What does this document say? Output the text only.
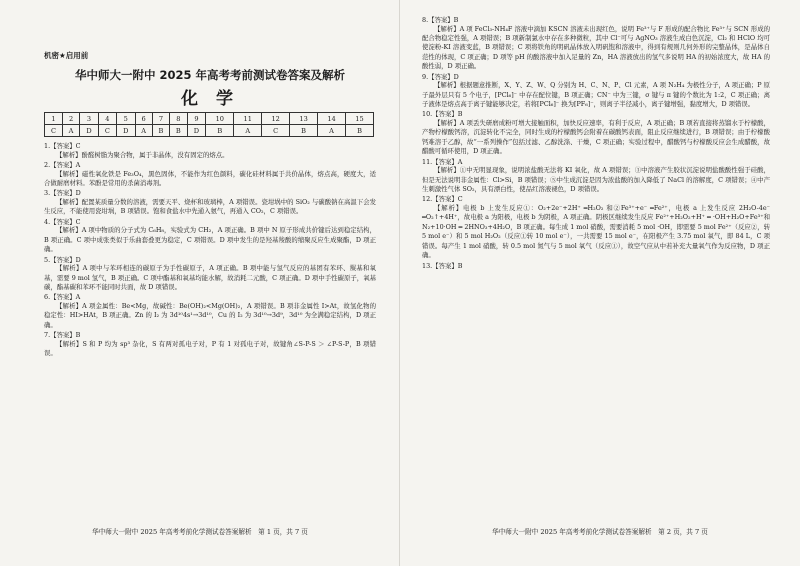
机密★启用前

华中师大一附中 2025 年高考考前测试卷答案及解析

化 学

1	2	3	4	5	6	7	8	9	10	11	12	13	14	15
C	A	D	C	D	A	B	B	D	B	A	C	B	A	B

1.【答案】C

【解析】酚醛树脂为聚合物，属于非晶体，没有固定的熔点。

2.【答案】A

【解析】磁性氧化铁是 Fe₃O₄，黑色固体，不能作为红色颜料，碳化硅材料属于共价晶体，熔点高，硬度大，适合做耐磨材料。苯酚是常用的杀菌消毒剂。

3.【答案】D

【解析】配置某质量分数的溶液，需要天平、烧杯和玻璃棒，A 项错误。瓷坩埚中的 SiO₂ 与碳酸钠在高温下会发生反应，不能使用瓷坩埚，B 项错误。饱和食盐水中先通入氨气，再通入 CO₂，C 项错误。

4.【答案】C

【解析】A 项中物质的分子式为 C₆H₈，实验式为 CH₂，A 项正确。B 项中 N 原子形成共价键后达到稳定结构，B 项正确。C 项中成张类似于乐曲套叠更为稳定，C 项错误。D 项中发生的是羟基羧酸的缩聚反应生成聚酯，D 项正确。

5.【答案】D

【解析】A 项中与苯环相连的碳原子为手性碳原子，A 项正确。B 项中能与氢气反应的基团有苯环、羰基和氧基，需要 9 mol 氢气，B 项正确。C 项中酯基和氧基均能水解，故消耗二元酸，C 项正确。D 项中手性碳原子，氧基碳，酯基碳和苯环不能同时共面，故 D 项错误。

6.【答案】A

【解析】A 项金属性：Be<Mg，故碱性：Be(OH)₂<Mg(OH)₂，A 项错误。B 项非金属性 I>At，故氢化物的稳定性：HI>HAt，B 项正确。Zn 的 I₂ 为 3d¹⁰4s¹→3d¹⁰，Cu 的 I₂ 为 3d¹⁰→3d⁹，3d¹⁰ 为全满稳定结构，D 项正确。

7.【答案】B

【解析】S 和 P 均为 sp³ 杂化，S 有两对孤电子对，P 有 1 对孤电子对，故键角∠S-P-S ＞ ∠P-S-P，B 项错误。

华中师大一附中 2025 年高考考前化学测试卷答案解析　第 1 页，共 7 页

8.【答案】B

【解析】A 项 FeCl₃-NH₄F 溶液中滴加 KSCN 溶液未出现红色，说明 Fe³⁺与 F 形成的配合物比 Fe³⁺与 SCN 形成的配合物稳定性强，A 项错误；B 项新制氯水中存在多种微粒，其中 Cl⁻可与 AgNO₃ 溶液生成白色沉淀，Cl₂ 和 HClO 均可使淀粉-KI 溶液变蓝，B 项错误；C 项将铁角的明矾晶体放入明矾饱和溶液中，得到有规则几何外形的完整晶体，是晶体自范性的体现，C 项正确；D 项等 pH 的酸溶液中加入足量的 Zn，HA 溶液放出的氢气多说明 HA 的初始浓度大，故 HA 的酸性弱，D 项正确。

9.【答案】D

【解析】根据题意推断，X、Y、Z、W、Q 分别为 H、C、N、P、Cl 元素，A 项 N₂H₄ 为极性分子，A 项正确；P 原子最外层只有 5 个电子，[PCl₆]⁻ 中存在配位键，B 项正确；CN⁻ 中为三键，σ 键与 π 键的个数比为 1:2，C 项正确；离子液体是熔点高于离子键能够决定，若将[PCl₆]⁻ 换为[PF₆]⁻，则离子半径减小，离子键增强，黏度增大，D 项错误。

10.【答案】B

【解析】A 项丢失研磨成粉可增大接触面积，加快反应速率，有利于反应，A 项正确；B 项若直接将蒸馏水于柠檬酸，产物柠檬酸钙溶，沉淀转化不完全，同时生成的柠檬酸钙会附着在碳酸钙表面，阻止反应继续进行，B 项错误；由于柠檬酸钙难溶于乙醇，故“一系列操作”包括过滤、乙醇洗涤、干燥，C 项正确；实验过程中，醋酸钙与柠檬酸反应会生成醋酸，故醋酸可循环使用，D 项正确。

11.【答案】A

【解析】①中无明显现象，说明浓盐酸无法将 KI 氧化，故 A 项错误；③中溶液产生胶状沉淀说明盐酸酸性强于硅酸，但是无法说明非金属性：Cl>Si，B 项错误；⑤中生成沉淀是因为浓盐酸的加入降低了 NaCl 的溶解度，C 项错误；④中产生刺激性气体 SO₂，具有漂白性，使品红溶液褪色，D 项错误。

12.【答案】C

【解析】电极 b 上发生反应①：O₂+2e⁻+2H⁺ ═H₂O₂ 和②Fe³⁺+e⁻ ═Fe²⁺，电极 a 上发生反应 2H₂O-4e⁻ ═O₂↑+4H⁺，故电极 a 为阳极，电极 b 为阴极，A 项正确。阴极区继续发生反应 Fe²⁺+H₂O₂+H⁺ ═ ·OH+H₂O+Fe³⁺和 N₂+10·OH ═ 2HNO₃+4H₂O，B 项正确。每生成 1 mol 硝酸，需要消耗 5 mol ·OH，即需要 5 mol Fe²⁺（反应②，转 5 mol e⁻）和 5 mol H₂O₂（反应①转 10 mol e⁻），一共需要 15 mol e⁻，在阳极产生 3.75 mol 氧气，即 84 L，C 项错误。每产生 1 mol 硝酸，转 0.5 mol 氮气与 5 mol 氧气（反应①），故空气应从中若补充大量氧气作为反应物，D 项正确。

13.【答案】B

华中师大一附中 2025 年高考考前化学测试卷答案解析　第 2 页，共 7 页
